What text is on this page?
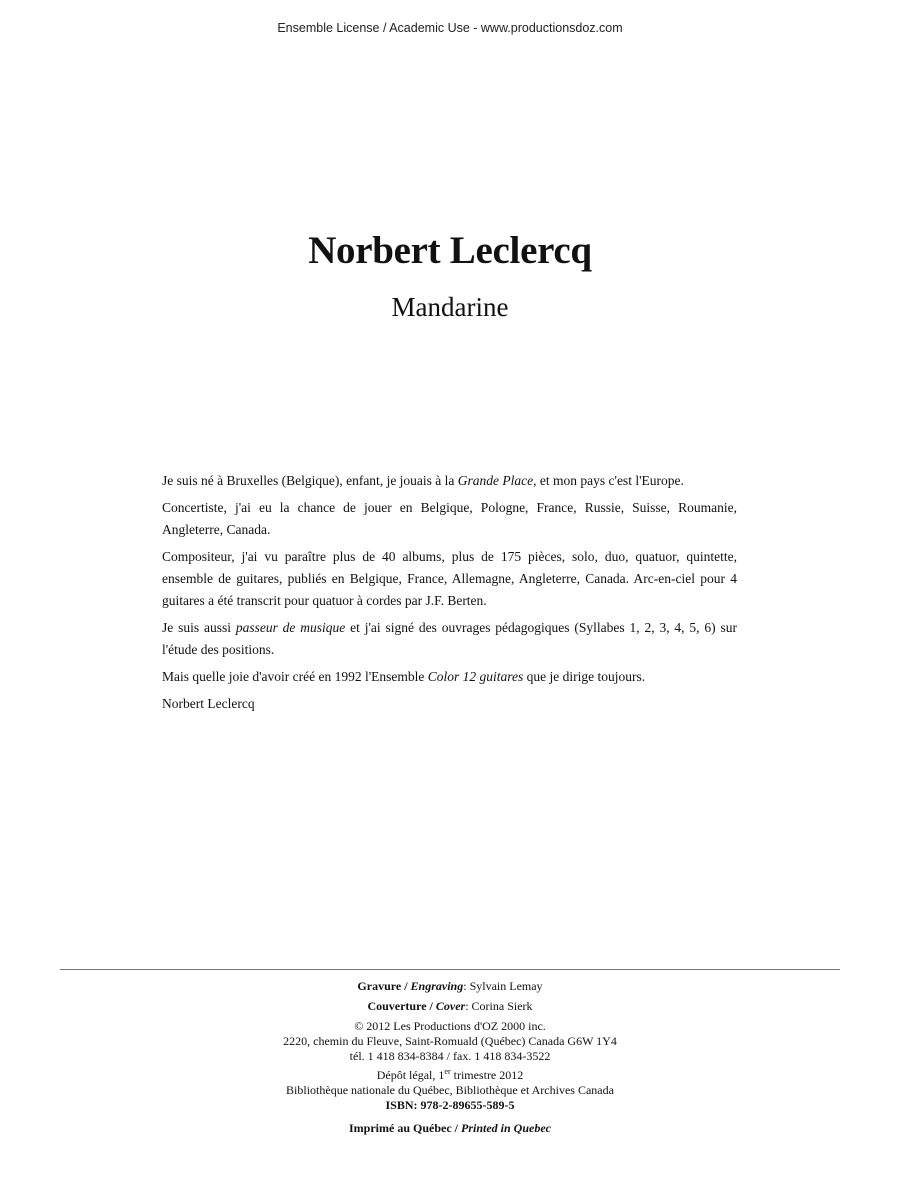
Ensemble License / Academic Use - www.productionsdoz.com
Norbert Leclercq
Mandarine

Je suis né à Bruxelles (Belgique), enfant, je jouais à la Grande Place, et mon pays c'est l'Europe.

Concertiste, j'ai eu la chance de jouer en Belgique, Pologne, France, Russie, Suisse, Roumanie, Angleterre, Canada.

Compositeur, j'ai vu paraître plus de 40 albums, plus de 175 pièces, solo, duo, quatuor, quintette, ensemble de guitares, publiés en Belgique, France, Allemagne, Angleterre, Canada. Arc-en-ciel pour 4 guitares a été transcrit pour quatuor à cordes par J.F. Berten.

Je suis aussi passeur de musique et j'ai signé des ouvrages pédagogiques (Syllabes 1, 2, 3, 4, 5, 6) sur l'étude des positions.

Mais quelle joie d'avoir créé en 1992 l'Ensemble Color 12 guitares que je dirige toujours.

Norbert Leclercq

Gravure / Engraving: Sylvain Lemay
Couverture / Cover: Corina Sierk
© 2012 Les Productions d'OZ 2000 inc.
2220, chemin du Fleuve, Saint-Romuald (Québec) Canada G6W 1Y4
tél. 1 418 834-8384 / fax. 1 418 834-3522
Dépôt légal, 1er trimestre 2012
Bibliothèque nationale du Québec, Bibliothèque et Archives Canada
ISBN: 978-2-89655-589-5
Imprimé au Québec / Printed in Quebec
